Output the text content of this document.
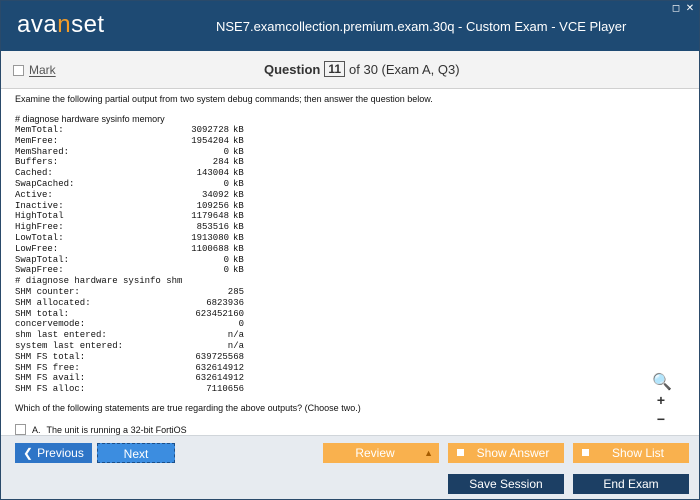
avanset	NSE7.examcollection.premium.exam.30q - Custom Exam - VCE Player
◻ ✕
Mark	Question 11 of 30 (Exam A, Q3)
Examine the following partial output from two system debug commands; then answer the question below.
# diagnose hardware sysinfo memory
MemTotal:	3092728 kB
MemFree:	1954204 kB
MemShared:	0 kB
Buffers:	284 kB
Cached:	143004 kB
SwapCached:	0 kB
Active:	34092 kB
Inactive:	109256 kB
HighTotal	1179648 kB
HighFree:	853516 kB
LowTotal:	1913080 kB
LowFree:	1100688 kB
SwapTotal:	0 kB
SwapFree:	0 kB
# diagnose hardware sysinfo shm
SHM counter:	285
SHM allocated:	6823936
SHM total:	623452160
concervemode:	0
shm last entered:	n/a
system last entered:	n/a
SHM FS total:	639725568
SHM FS free:	632614912
SHM FS avail:	632614912
SHM FS alloc:	7110656
Which of the following statements are true regarding the above outputs? (Choose two.)
A. The unit is running a 32-bit FortiOS
🔍
+
−
❮ Previous	Next	Review	▲	Show Answer	Show List
Save Session	End Exam
